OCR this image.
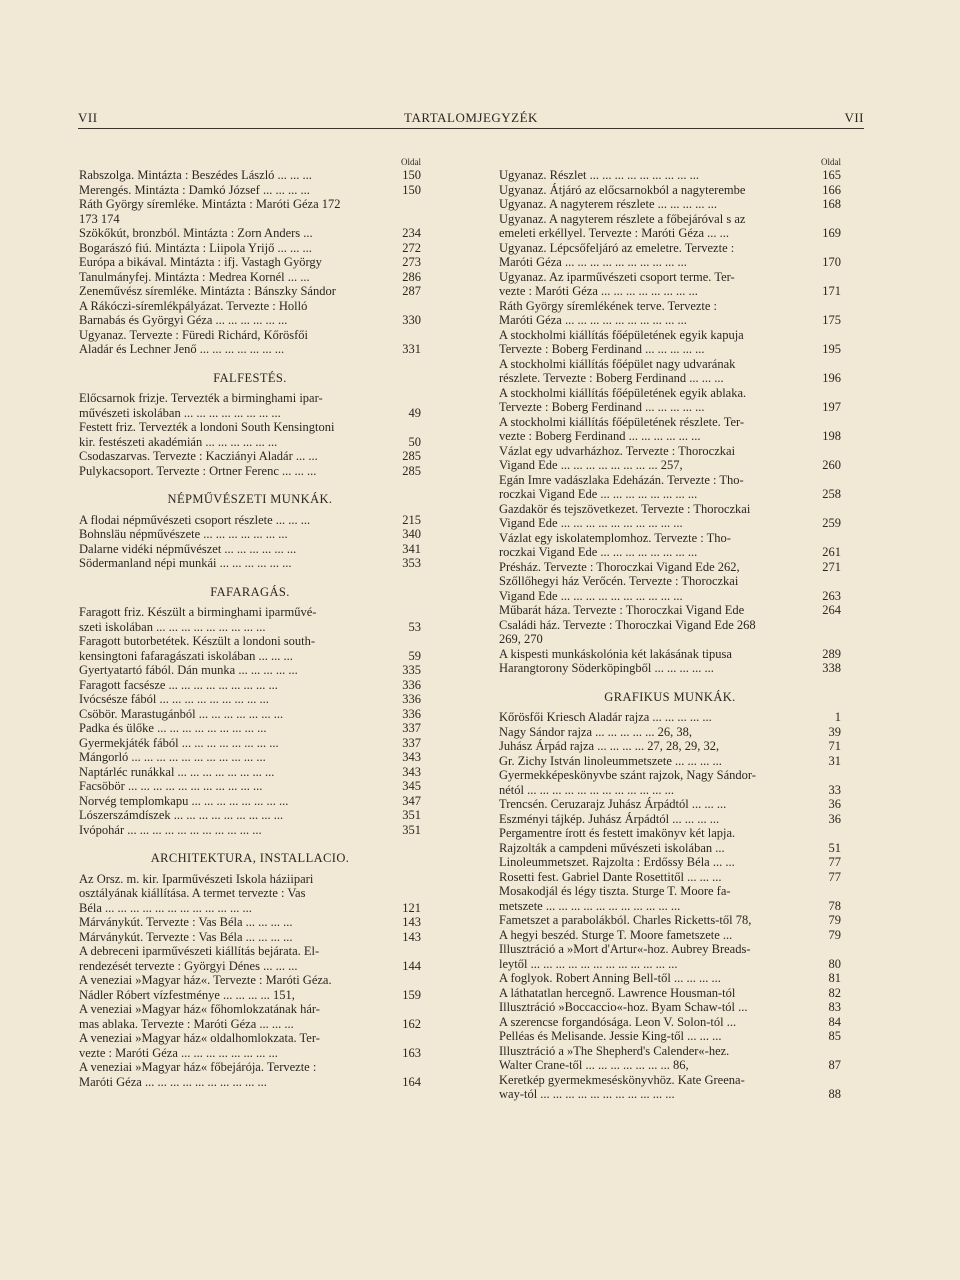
VII	TARTALOMJEGYZÉK	VII
Oldal
Rabszolga. Mintázta : Beszédes László ... ... ...	150
Merengés. Mintázta : Damkó József ... ... ... ...	150
Ráth György síremléke. Mintázta : Maróti Géza 172
173 174
Szökőkút, bronzból. Mintázta : Zorn Anders ...	234
Bogarászó fiú. Mintázta : Liipola Yrijő ... ... ...	272
Európa a bikával. Mintázta : ifj. Vastagh György	273
Tanulmányfej. Mintázta : Medrea Kornél ... ...	286
Zeneművész síremléke. Mintázta : Bánszky Sándor	287
A Rákóczi-síremlékpályázat. Tervezte : Holló
Barnabás és Györgyi Géza ... ... ... ... ... ...	330
Ugyanaz. Tervezte : Füredi Richárd, Kőrösfői
Aladár és Lechner Jenő ... ... ... ... ... ... ...	331
FALFESTÉS.
Előcsarnok frizje. Tervezték a birminghami ipar-
művészeti iskolában ... ... ... ... ... ... ... ...	49
Festett friz. Tervezték a londoni South Kensingtoni
kir. festészeti akadémián ... ... ... ... ... ...	50
Csodaszarvas. Tervezte : Kacziányi Aladár ... ...	285
Pulykacsoport. Tervezte : Ortner Ferenc ... ... ...	285
NÉPMŰVÉSZETI MUNKÁK.
A flodai népművészeti csoport részlete ... ... ...	215
Bohnsläu népművészete ... ... ... ... ... ... ...	340
Dalarne vidéki népművészet ... ... ... ... ... ...	341
Södermanland népi munkái ... ... ... ... ... ...	353
FAFARAGÁS.
Faragott friz. Készült a birminghami iparművé-
szeti iskolában ... ... ... ... ... ... ... ... ...	53
Faragott butorbetétek. Készült a londoni south-
kensingtoni fafaragászati iskolában ... ... ...	59
Gyertyatartó fából. Dán munka ... ... ... ... ...	335
Faragott facsésze ... ... ... ... ... ... ... ... ...	336
Ivócsésze fából ... ... ... ... ... ... ... ... ...	336
Csöbör. Marastugánból ... ... ... ... ... ... ...	336
Padka és ülőke ... ... ... ... ... ... ... ... ...	337
Gyermekjáték fából ... ... ... ... ... ... ... ...	337
Mángorló ... ... ... ... ... ... ... ... ... ... ...	343
Naptárléc runákkal ... ... ... ... ... ... ... ...	343
Facsöbör ... ... ... ... ... ... ... ... ... ... ...	345
Norvég templomkapu ... ... ... ... ... ... ... ...	347
Lószerszámdíszek ... ... ... ... ... ... ... ... ...	351
Ivópohár ... ... ... ... ... ... ... ... ... ... ...	351
ARCHITEKTURA, INSTALLACIO.
Az Orsz. m. kir. Iparművészeti Iskola háziipari
osztályának kiállítása. A termet tervezte : Vas
Béla ... ... ... ... ... ... ... ... ... ... ... ...	121
Márványkút. Tervezte : Vas Béla ... ... ... ...	143
Márványkút. Tervezte : Vas Béla ... ... ... ...	143
A debreceni iparművészeti kiállítás bejárata. El-
rendezését tervezte : Györgyi Dénes ... ... ...	144
A veneziai »Magyar ház«. Tervezte : Maróti Géza.
Nádler Róbert vízfestménye ... ... ... ... 151,	159
A veneziai »Magyar ház« főhomlokzatának hár-
mas ablaka. Tervezte : Maróti Géza ... ... ...	162
A veneziai »Magyar ház« oldalhomlokzata. Ter-
vezte : Maróti Géza ... ... ... ... ... ... ... ...	163
A veneziai »Magyar ház« főbejárója. Tervezte :
Maróti Géza ... ... ... ... ... ... ... ... ... ...	164
Oldal
Ugyanaz. Részlet ... ... ... ... ... ... ... ... ...	165
Ugyanaz. Átjáró az előcsarnokból a nagyterembe	166
Ugyanaz. A nagyterem részlete ... ... ... ... ...	168
Ugyanaz. A nagyterem részlete a főbejáróval s az
emeleti erkéllyel. Tervezte : Maróti Géza ... ...	169
Ugyanaz. Lépcsőfeljáró az emeletre. Tervezte :
Maróti Géza ... ... ... ... ... ... ... ... ... ...	170
Ugyanaz. Az iparművészeti csoport terme. Ter-
vezte : Maróti Géza ... ... ... ... ... ... ... ...	171
Ráth György síremlékének terve. Tervezte :
Maróti Géza ... ... ... ... ... ... ... ... ... ...	175
A stockholmi kiállítás főépületének egyik kapuja
Tervezte : Boberg Ferdinand ... ... ... ... ...	195
A stockholmi kiállítás főépület nagy udvarának
részlete. Tervezte : Boberg Ferdinand ... ... ...	196
A stockholmi kiállítás főépületének egyik ablaka.
Tervezte : Boberg Ferdinand ... ... ... ... ...	197
A stockholmi kiállítás főépületének részlete. Ter-
vezte : Boberg Ferdinand ... ... ... ... ... ...	198
Vázlat egy udvarházhoz. Tervezte : Thoroczkai
Vigand Ede ... ... ... ... ... ... ... ... 257,	260
Egán Imre vadászlaka Edeházán. Tervezte : Tho-
roczkai Vigand Ede ... ... ... ... ... ... ... ...	258
Gazdakör és tejszövetkezet. Tervezte : Thoroczkai
Vigand Ede ... ... ... ... ... ... ... ... ... ...	259
Vázlat egy iskolatemplomhoz. Tervezte : Tho-
roczkai Vigand Ede ... ... ... ... ... ... ... ...	261
Présház. Tervezte : Thoroczkai Vigand Ede 262,	271
Szőllőhegyi ház Verőcén. Tervezte : Thoroczkai
Vigand Ede ... ... ... ... ... ... ... ... ... ...	263
Műbarát háza. Tervezte : Thoroczkai Vigand Ede	264
Családi ház. Tervezte : Thoroczkai Vigand Ede 268
269, 270
A kispesti munkáskolónia két lakásának tipusa	289
Harangtorony Söderköpingből ... ... ... ... ...	338
GRAFIKUS MUNKÁK.
Kőrösfői Kriesch Aladár rajza ... ... ... ... ...	1
Nagy Sándor rajza ... ... ... ... ... 26, 38,	39
Juhász Árpád rajza ... ... ... ... 27, 28, 29, 32,	71
Gr. Zichy István linoleummetszete ... ... ... ...	31
Gyermekképeskönyvbe szánt rajzok, Nagy Sándor-
nétól ... ... ... ... ... ... ... ... ... ... ... ...	33
Trencsén. Ceruzarajz Juhász Árpádtól ... ... ...	36
Eszményi tájkép. Juhász Árpádtól ... ... ... ...	36
Pergamentre írott és festett imakönyv két lapja.
Rajzolták a campdeni művészeti iskolában ...	51
Linoleummetszet. Rajzolta : Erdőssy Béla ... ...	77
Rosetti fest. Gabriel Dante Rosettitől ... ... ...	77
Mosakodjál és légy tiszta. Sturge T. Moore fa-
metszete ... ... ... ... ... ... ... ... ... ... ...	78
Fametszet a parabolákból. Charles Ricketts-től 78,	79
A hegyi beszéd. Sturge T. Moore fametszete ...	79
Illusztráció a »Mort d'Artur«-hoz. Aubrey Breads-
leytől ... ... ... ... ... ... ... ... ... ... ... ...	80
A foglyok. Robert Anning Bell-től ... ... ... ...	81
A láthatatlan hercegnő. Lawrence Housman-tól	82
Illusztráció »Boccaccio«-hoz. Byam Schaw-tól ...	83
A szerencse forgandósága. Leon V. Solon-tól ...	84
Pelléas és Melisande. Jessie King-től ... ... ...	85
Illusztráció a »The Shepherd's Calender«-hez.
Walter Crane-től ... ... ... ... ... ... ... 86,	87
Keretkép gyermekmeséskönyvhöz. Kate Greena-
way-tól ... ... ... ... ... ... ... ... ... ... ...	88
